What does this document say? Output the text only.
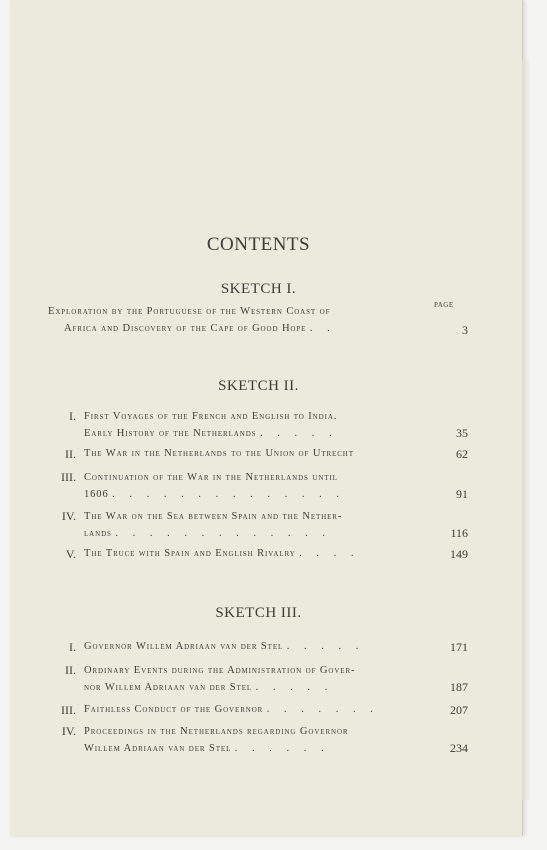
CONTENTS
SKETCH I.
PAGE
Exploration by the Portuguese of the Western Coast of
Africa and Discovery of the Cape of Good Hope . .	3
SKETCH II.
I. First Voyages of the French and English to India.
Early History of the Netherlands . . . . .	35
II. The War in the Netherlands to the Union of Utrecht	62
III. Continuation of the War in the Netherlands until
1606 . . . . . . . . . . . . . .	91
IV. The War on the Sea between Spain and the Nether-
lands . . . . . . . . . . . . .	116
V. The Truce with Spain and English Rivalry . . . .	149
SKETCH III.
I. Governor Willem Adriaan van der Stel . . . . .	171
II. Ordinary Events during the Administration of Gover-
nor Willem Adriaan van der Stel . . . . .	187
III. Faithless Conduct of the Governor . . . . . . .	207
IV. Proceedings in the Netherlands regarding Governor
Willem Adriaan van der Stel . . . . . .	234
